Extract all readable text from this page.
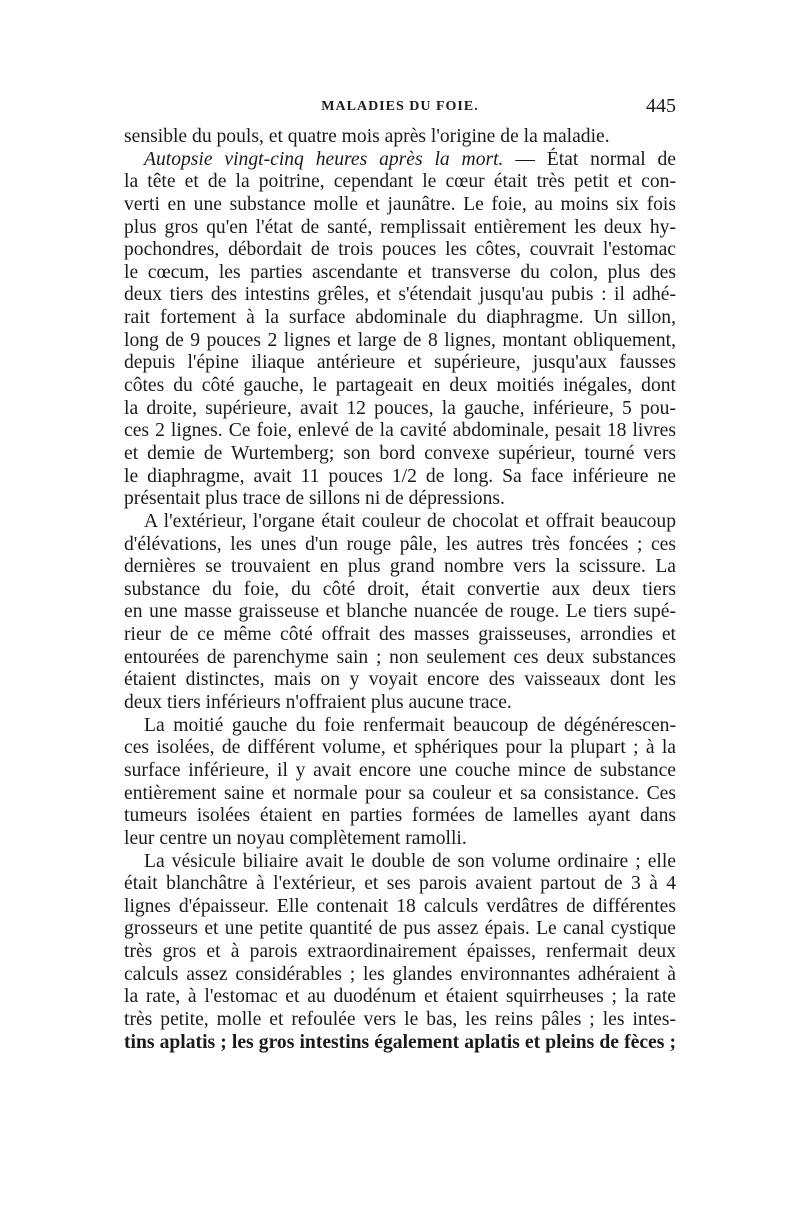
MALADIES DU FOIE.	445
sensible du pouls, et quatre mois après l'origine de la maladie.
Autopsie vingt-cinq heures après la mort. — État normal de
la tête et de la poitrine, cependant le cœur était très petit et con-
verti en une substance molle et jaunâtre. Le foie, au moins six fois
plus gros qu'en l'état de santé, remplissait entièrement les deux hy-
pochondres, débordait de trois pouces les côtes, couvrait l'estomac
le cœcum, les parties ascendante et transverse du colon, plus des
deux tiers des intestins grêles, et s'étendait jusqu'au pubis : il adhé-
rait fortement à la surface abdominale du diaphragme. Un sillon,
long de 9 pouces 2 lignes et large de 8 lignes, montant obliquement,
depuis l'épine iliaque antérieure et supérieure, jusqu'aux fausses
côtes du côté gauche, le partageait en deux moitiés inégales, dont
la droite, supérieure, avait 12 pouces, la gauche, inférieure, 5 pou-
ces 2 lignes. Ce foie, enlevé de la cavité abdominale, pesait 18 livres
et demie de Wurtemberg; son bord convexe supérieur, tourné vers
le diaphragme, avait 11 pouces 1/2 de long. Sa face inférieure ne
présentait plus trace de sillons ni de dépressions.
A l'extérieur, l'organe était couleur de chocolat et offrait beaucoup
d'élévations, les unes d'un rouge pâle, les autres très foncées ; ces
dernières se trouvaient en plus grand nombre vers la scissure. La
substance du foie, du côté droit, était convertie aux deux tiers
en une masse graisseuse et blanche nuancée de rouge. Le tiers supé-
rieur de ce même côté offrait des masses graisseuses, arrondies et
entourées de parenchyme sain ; non seulement ces deux substances
étaient distinctes, mais on y voyait encore des vaisseaux dont les
deux tiers inférieurs n'offraient plus aucune trace.
La moitié gauche du foie renfermait beaucoup de dégénérescen-
ces isolées, de différent volume, et sphériques pour la plupart ; à la
surface inférieure, il y avait encore une couche mince de substance
entièrement saine et normale pour sa couleur et sa consistance. Ces
tumeurs isolées étaient en parties formées de lamelles ayant dans
leur centre un noyau complètement ramolli.
La vésicule biliaire avait le double de son volume ordinaire ; elle
était blanchâtre à l'extérieur, et ses parois avaient partout de 3 à 4
lignes d'épaisseur. Elle contenait 18 calculs verdâtres de différentes
grosseurs et une petite quantité de pus assez épais. Le canal cystique
très gros et à parois extraordinairement épaisses, renfermait deux
calculs assez considérables ; les glandes environnantes adhéraient à
la rate, à l'estomac et au duodénum et étaient squirrheuses ; la rate
très petite, molle et refoulée vers le bas, les reins pâles ; les intes-
tins aplatis ; les gros intestins également aplatis et pleins de fèces ;
